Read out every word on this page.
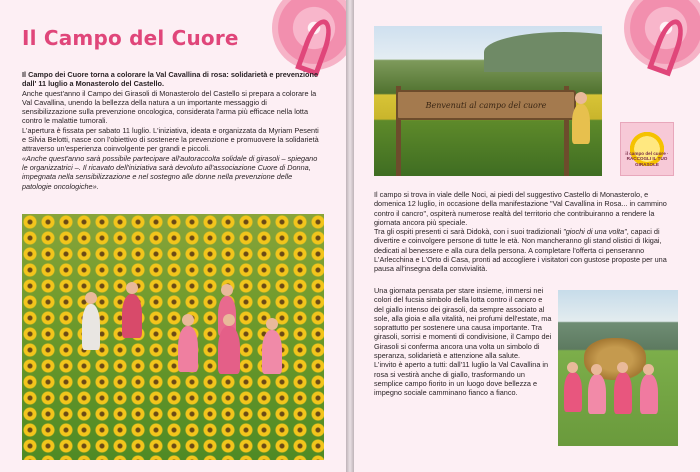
Il Campo del Cuore

Il Campo dei Cuore torna a colorare la Val Cavallina di rosa: solidarietà e prevenzione dall' 11 luglio a Monasterolo del Castello.

Anche quest'anno il Campo dei Girasoli di Monasterolo del Castello si prepara a colorare la Val Cavallina, unendo la bellezza della natura a un importante messaggio di sensibilizzazione sulla prevenzione oncologica, considerata l'arma più efficace nella lotta contro le malattie tumorali.

L'apertura è fissata per sabato 11 luglio. L'iniziativa, ideata e organizzata da Myriam Pesenti e Silvia Belotti, nasce con l'obiettivo di sostenere la prevenzione e promuovere la solidarietà attraverso un'esperienza coinvolgente per grandi e piccoli.

«Anche quest'anno sarà possibile partecipare all'autoraccolta solidale di girasoli – spiegano le organizzatrici –. Il ricavato dell'iniziativa sarà devoluto all'associazione Cuore di Donna, impegnata nella sensibilizzazione e nel sostegno alle donne nella prevenzione delle patologie oncologiche».

Benvenuti al campo del cuore
il campo del cuore · RACCOGLI IL TUO GIRASOLE

Il campo si trova in viale delle Noci, ai piedi del suggestivo Castello di Monasterolo, e domenica 12 luglio, in occasione della manifestazione "Val Cavallina in Rosa... in cammino contro il cancro", ospiterà numerose realtà del territorio che contribuiranno a rendere la giornata ancora più speciale.

Tra gli ospiti presenti ci sarà Didokà, con i suoi tradizionali "giochi di una volta", capaci di divertire e coinvolgere persone di tutte le età. Non mancheranno gli stand olistici di Ikigai, dedicati al benessere e alla cura della persona. A completare l'offerta ci penseranno L'Arlecchina e L'Orto di Casa, pronti ad accogliere i visitatori con gustose proposte per una pausa all'insegna della convivialità.

Una giornata pensata per stare insieme, immersi nei colori del fucsia simbolo della lotta contro il cancro e del giallo intenso dei girasoli, da sempre associato al sole, alla gioia e alla vitalità, nei profumi dell'estate, ma soprattutto per sostenere una causa importante. Tra girasoli, sorrisi e momenti di condivisione, il Campo dei Girasoli si conferma ancora una volta un simbolo di speranza, solidarietà e attenzione alla salute.

L'invito è aperto a tutti: dall'11 luglio la Val Cavallina in rosa si vestirà anche di giallo, trasformando un semplice campo fiorito in un luogo dove bellezza e impegno sociale camminano fianco a fianco.
